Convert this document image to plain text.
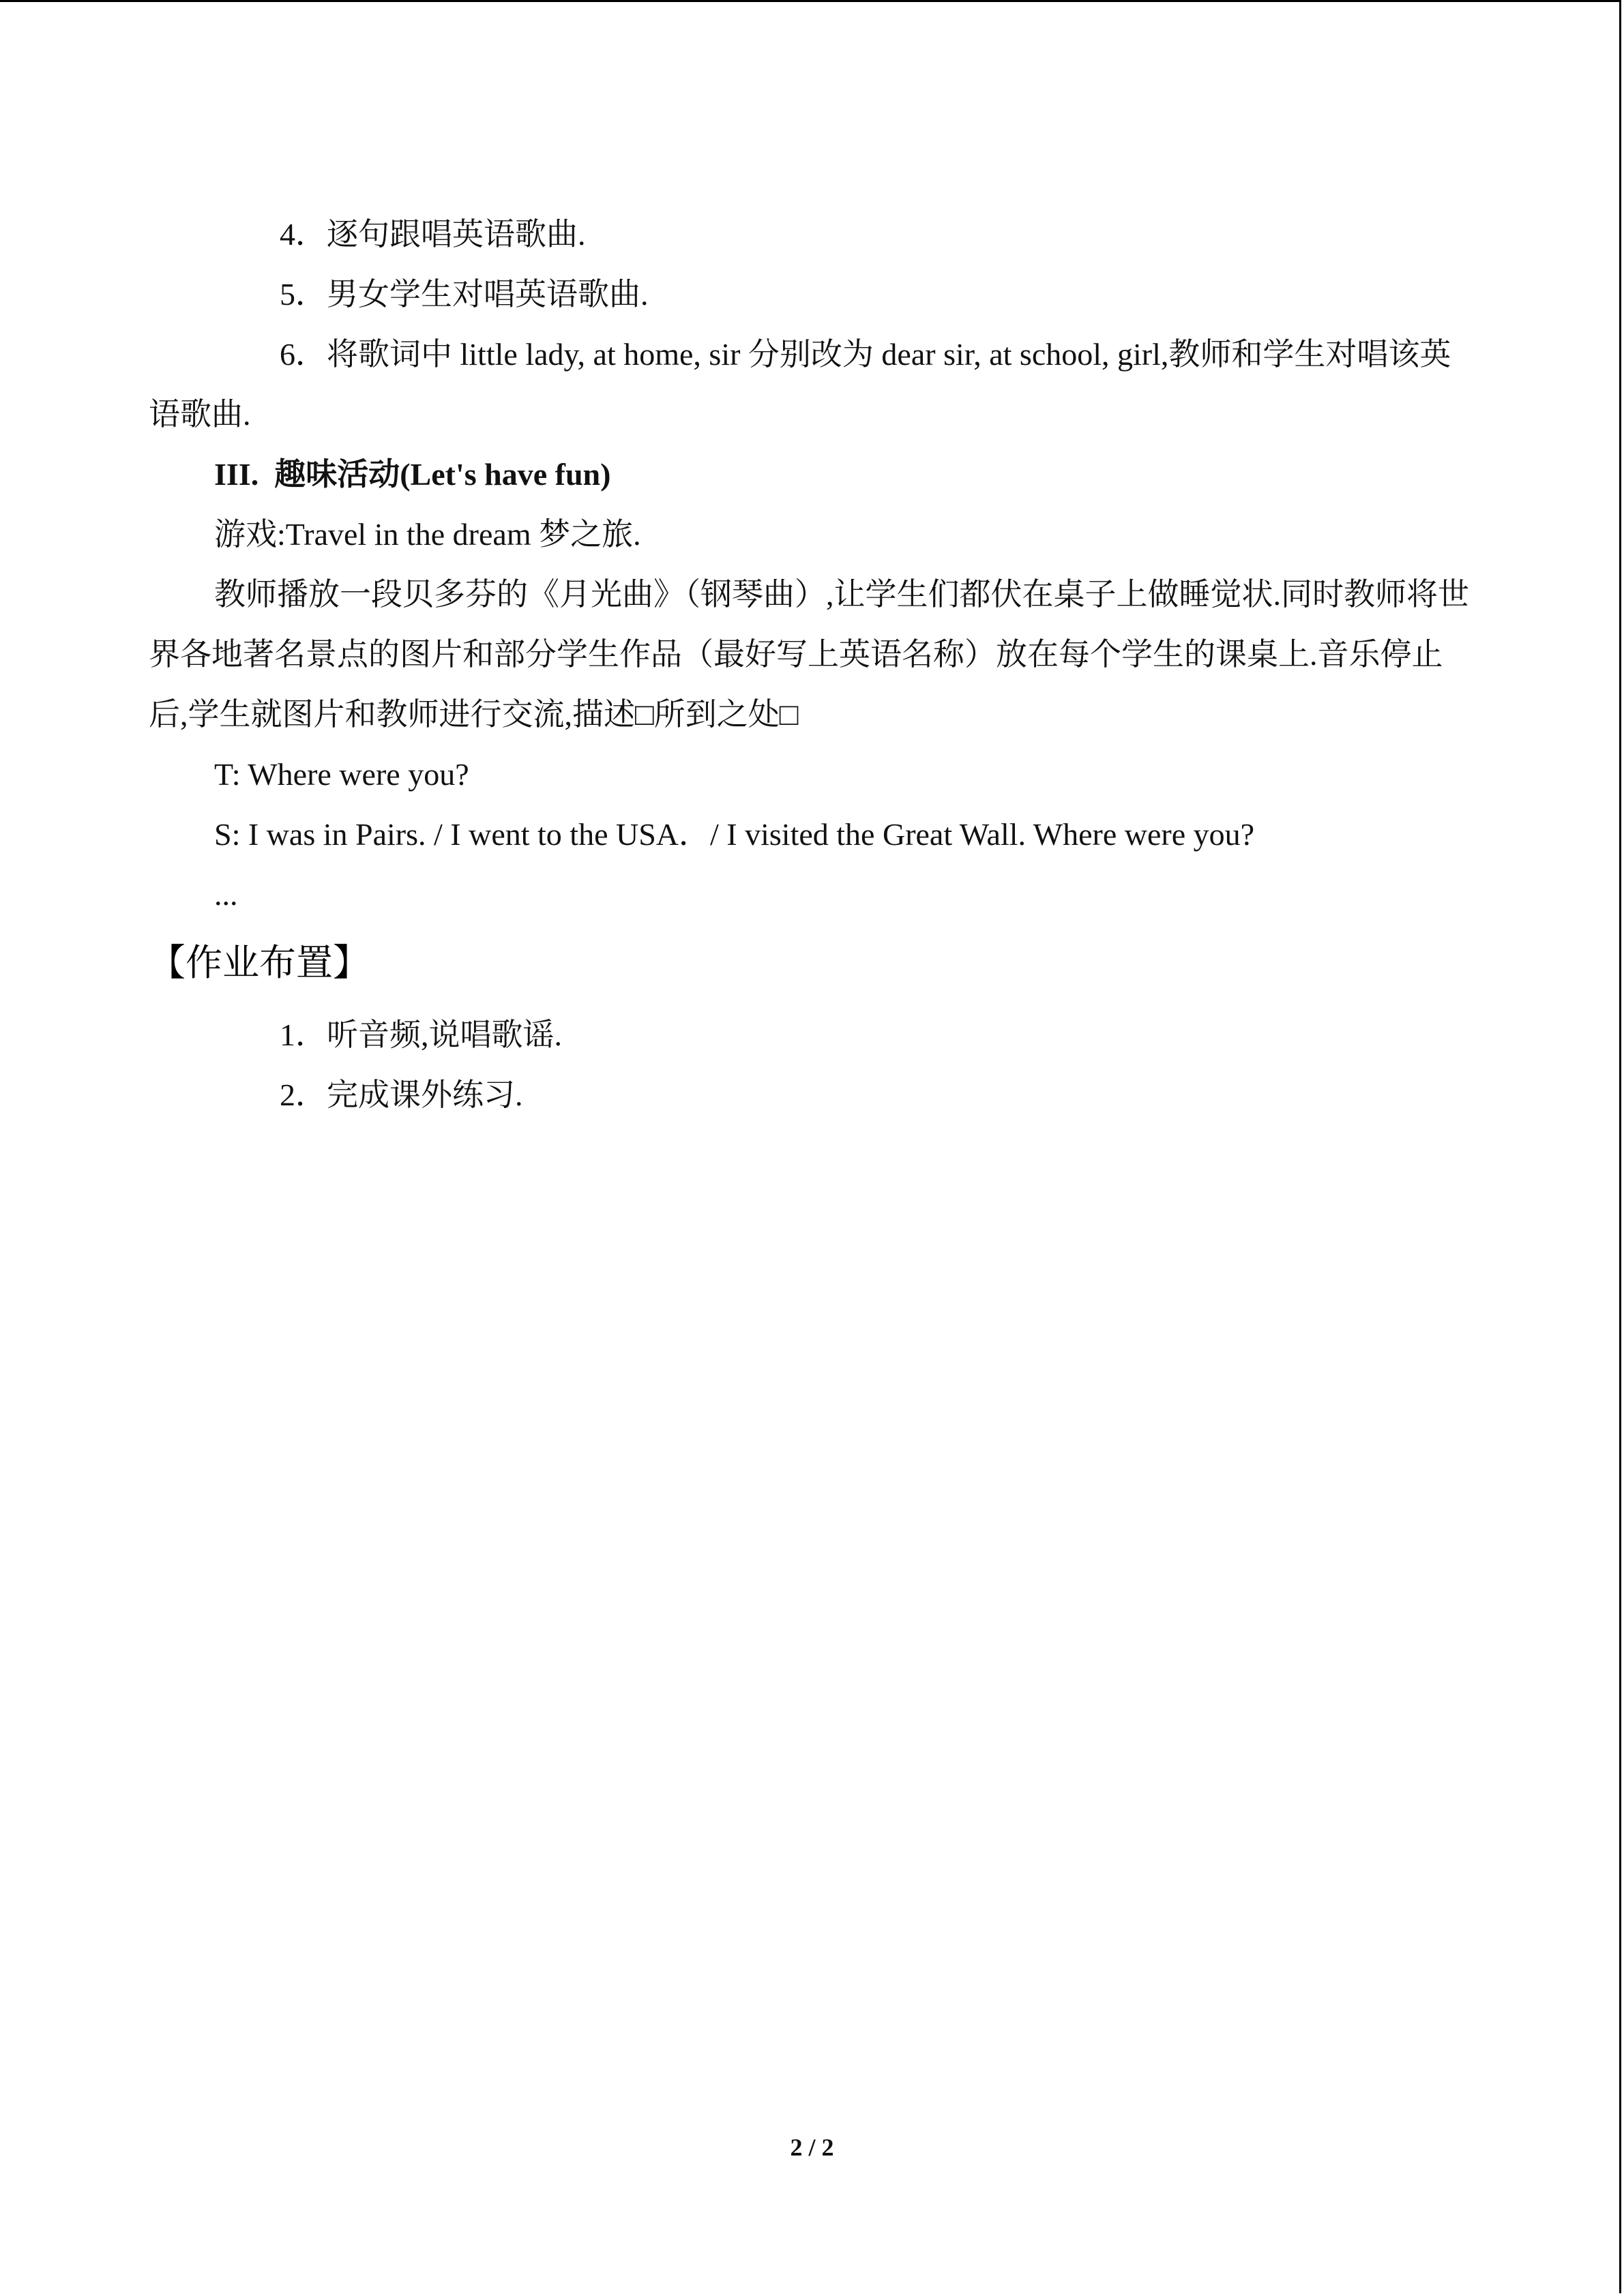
4．逐句跟唱英语歌曲.

5．男女学生对唱英语歌曲.

6．将歌词中 little lady, at home, sir 分别改为 dear sir, at school, girl,教师和学生对唱该英语歌曲.

III. 趣味活动(Let's have fun)

游戏:Travel in the dream 梦之旅.

教师播放一段贝多芬的《月光曲》（钢琴曲）,让学生们都伏在桌子上做睡觉状.同时教师将世界各地著名景点的图片和部分学生作品（最好写上英语名称）放在每个学生的课桌上.音乐停止后,学生就图片和教师进行交流,描述□所到之处□

T: Where were you?

S: I was in Pairs. / I went to the USA．/ I visited the Great Wall. Where were you?

...

【作业布置】

1．听音频,说唱歌谣.

2．完成课外练习.

2 / 2
